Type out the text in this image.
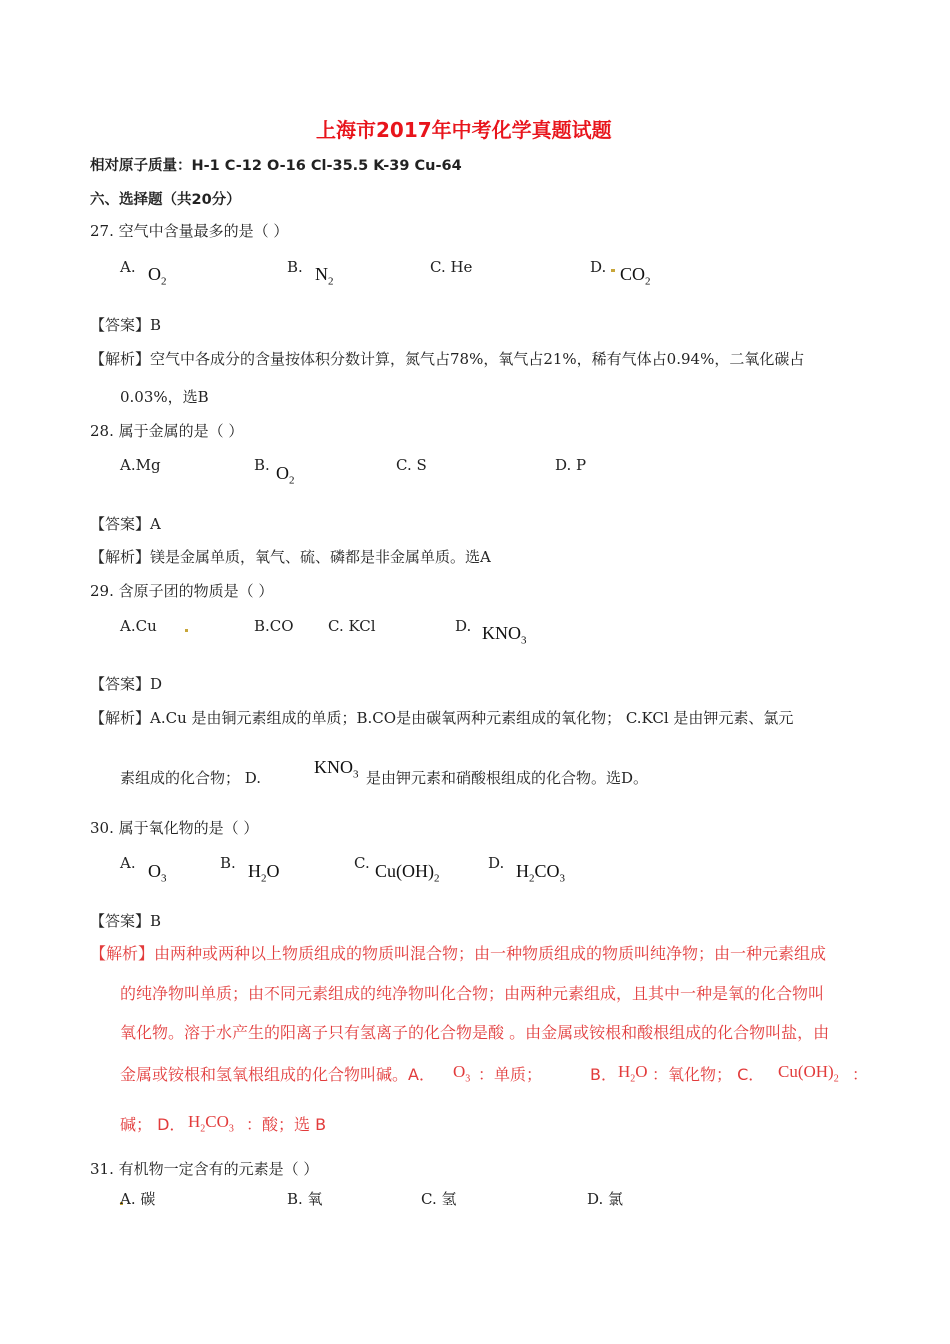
上海市2017年中考化学真题试题
相对原子质量：H-1 C-12 O-16 Cl-35.5 K-39 Cu-64
六、选择题（共20分）
27. 空气中含量最多的是（ ）
A. $O_2$
B. $N_2$
C. He	D. $CO_2$
【答案】B
【解析】空气中各成分的含量按体积分数计算，氮气占78%，氧气占21%，稀有气体占0.94%，二氧化碳占
0.03%，选B
28. 属于金属的是（ ）
A.Mg	B. $O_2$
C. S	D. P
【答案】A
【解析】镁是金属单质，氧气、硫、磷都是非金属单质。选A
29. 含原子团的物质是（ ）
A.Cu	B.CO C. KCl	D. $KNO_3$
【答案】D
【解析】A.Cu 是由铜元素组成的单质；B.CO是由碳氧两种元素组成的氧化物； C.KCl 是由钾元素、氯元
素组成的化合物； D.
$KNO_3$ 是由钾元素和硝酸根组成的化合物。选D。
30. 属于氧化物的是（ ）
A. $O_3$
B. $H_2O$	C. $Cu(OH)_2$
D. $H_2CO_3$
【答案】B
【解析】由两种或两种以上物质组成的物质叫混合物；由一种物质组成的物质叫纯净物；由一种元素组成
的纯净物叫单质；由不同元素组成的纯净物叫化合物；由两种元素组成，且其中一种是氧的化合物叫
氧化物。溶于水产生的阳离子只有氢离子的化合物是酸 。由金属或铵根和酸根组成的化合物叫盐，由
金属或铵根和氢氧根组成的化合物叫碱。A． $O_3$ ：单质；	B． $H_2O$ ：氧化物； C． $Cu(OH)_2$ ：
碱； D． $H_2CO_3$ ：酸；选 B
31. 有机物一定含有的元素是（ ）
A. 碳	B. 氧	C. 氢	D. 氯
